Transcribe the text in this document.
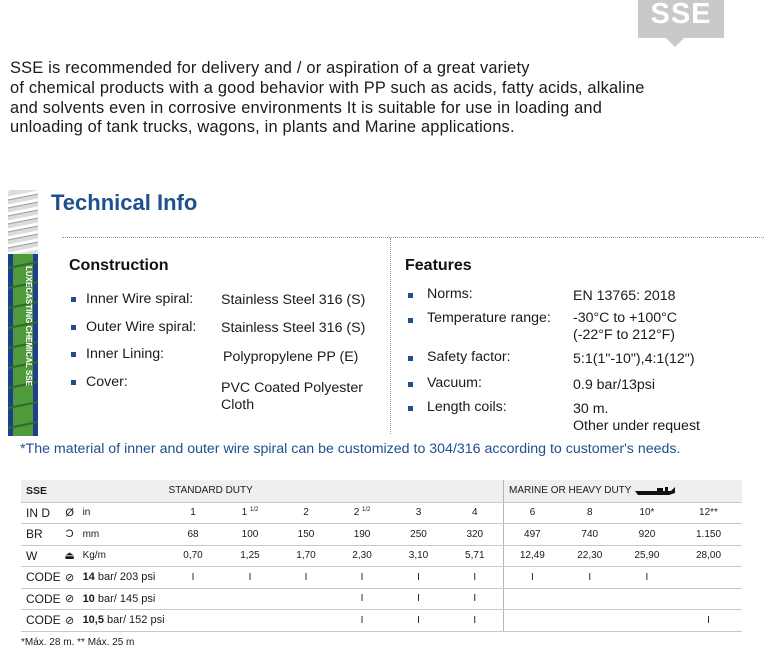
SSE
SSE is recommended for delivery and / or aspiration of a great variety
of chemical products with a good behavior with PP such as acids, fatty acids, alkaline
and solvents even in corrosive environments It is suitable for use in loading and
unloading of tank trucks, wagons, in plants and Marine applications.
LUXECASTING CHEMICAL SSE
Technical Info
Construction
Inner Wire spiral: Stainless Steel 316 (S)
Outer Wire spiral: Stainless Steel 316 (S)
Inner Lining:	Polypropylene PP (E)
Cover:	PVC Coated Polyester
Cloth
Features
Norms:	EN 13765: 2018
Temperature range: -30°C to +100°C
(-22°F to 212°F)
Safety factor:	5:1(1"-10"),4:1(12")
Vacuum:	0.9 bar/13psi
Length coils:	30 m.
Other under request
*The material of inner and outer wire spiral can be customized to 304/316 according to customer's needs.
SSE			STANDARD DUTY						MARINE OR HEAVY DUTY			
IN D	Ø	in	1	1 $^{1/2}$	2	2 $^{1/2}$	3	4	6	8	10*	12**
BR	Ɔ	mm	68	100	150	190	250	320	497	740	920	1.150
W	⏏	Kg/m	0,70	1,25	1,70	2,30	3,10	5,71	12,49	22,30	25,90	28,00
CODE	⊘	14 bar/ 203 psi	I	I	I	I	I	I	I	I	I	
CODE	⊘	10 bar/ 145 psi				I	I	I				
CODE	⊘	10,5 bar/ 152 psi				I	I	I				I
*Máx. 28 m. ** Máx. 25 m
